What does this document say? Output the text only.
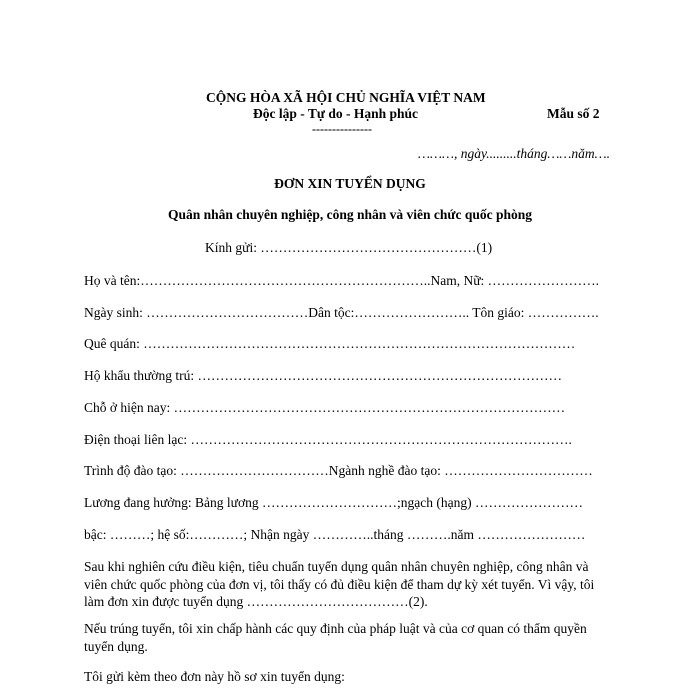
CỘNG HÒA XÃ HỘI CHỦ NGHĨA VIỆT NAM
Độc lập - Tự do - Hạnh phúc	Mẫu số 2
---------------
………, ngày.........tháng……năm….
ĐƠN XIN TUYỂN DỤNG
Quân nhân chuyên nghiệp, công nhân và viên chức quốc phòng
Kính gửi: …………………………………………(1)
Họ và tên:………………………………………………………..Nam, Nữ: …………………….
Ngày sinh: ………………………………Dân tộc:…………………….. Tôn giáo: …………….
Quê quán: ……………………………………………………………………………………
Hộ khẩu thường trú: ………………………………………………………………………
Chỗ ở hiện nay: ……………………………………………………………………………
Điện thoại liên lạc: ………………………………………………………………………….
Trình độ đào tạo: ……………………………Ngành nghề đào tạo: ……………………………
Lương đang hưởng: Bảng lương …………………………;ngạch (hạng) ……………………
bậc: ………; hệ số:…………; Nhận ngày …………..tháng ……….năm ……………………
Sau khi nghiên cứu điều kiện, tiêu chuẩn tuyển dụng quân nhân chuyên nghiệp, công nhân và viên chức quốc phòng của đơn vị, tôi thấy có đủ điều kiện để tham dự kỳ xét tuyển. Vì vậy, tôi làm đơn xin được tuyển dụng ………………………………(2).
Nếu trúng tuyển, tôi xin chấp hành các quy định của pháp luật và của cơ quan có thẩm quyền tuyển dụng.
Tôi gửi kèm theo đơn này hồ sơ xin tuyển dụng:
